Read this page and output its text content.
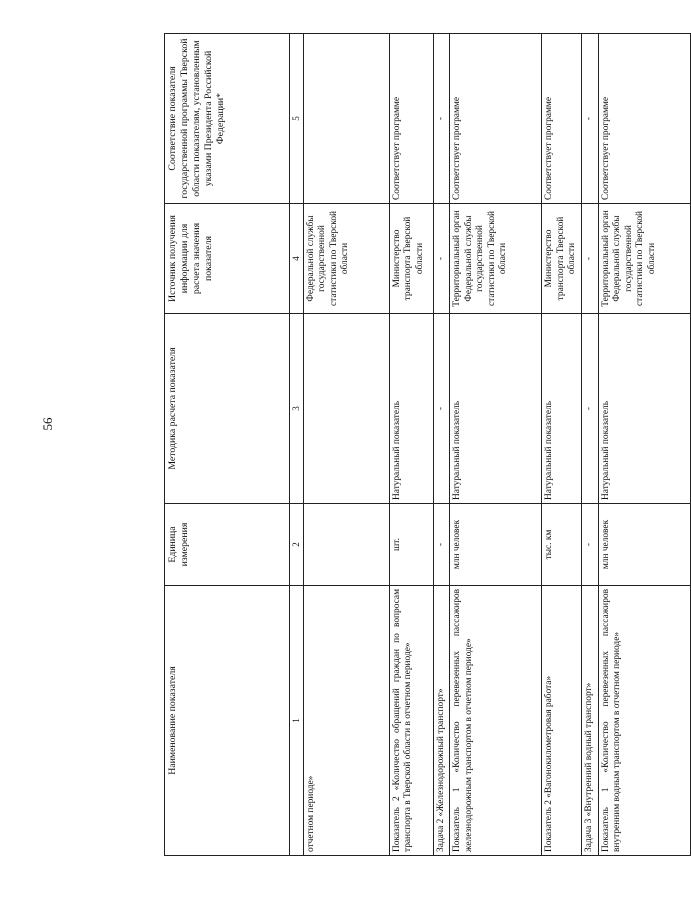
56
Наименование показателя	Единица измерения	Методика расчета показателя	Источник получения информации для расчета значения показателя	Соответствие показателя государственной программы Тверской области показателям, установленным указами Президента Российской Федерации*
1	2	3	4	5
отчетном периоде»			Федеральной службы государственной статистики по Тверской области	
Показатель 2 «Количество обращений граждан по вопросам транспорта в Тверской области в отчетном периоде»	шт.	Натуральный показатель	Министерство транспорта Тверской области	Соответствует программе
Задача 2 «Железнодорожный транспорт»	-	-	-	-
Показатель 1 «Количество перевезенных пассажиров железнодорожным транспортом в отчетном периоде»	млн человек	Натуральный показатель	Территориальный орган Федеральной службы государственной статистики по Тверской области	Соответствует программе
Показатель 2 «Вагонокилометровая работа»	тыс. км	Натуральный показатель	Министерство транспорта Тверской области	Соответствует программе
Задача 3 «Внутренний водный транспорт»	-	-	-	-
Показатель 1 «Количество перевезенных пассажиров внутренним водным транспортом в отчетном периоде»	млн человек	Натуральный показатель	Территориальный орган Федеральной службы государственной статистики по Тверской области	Соответствует программе
